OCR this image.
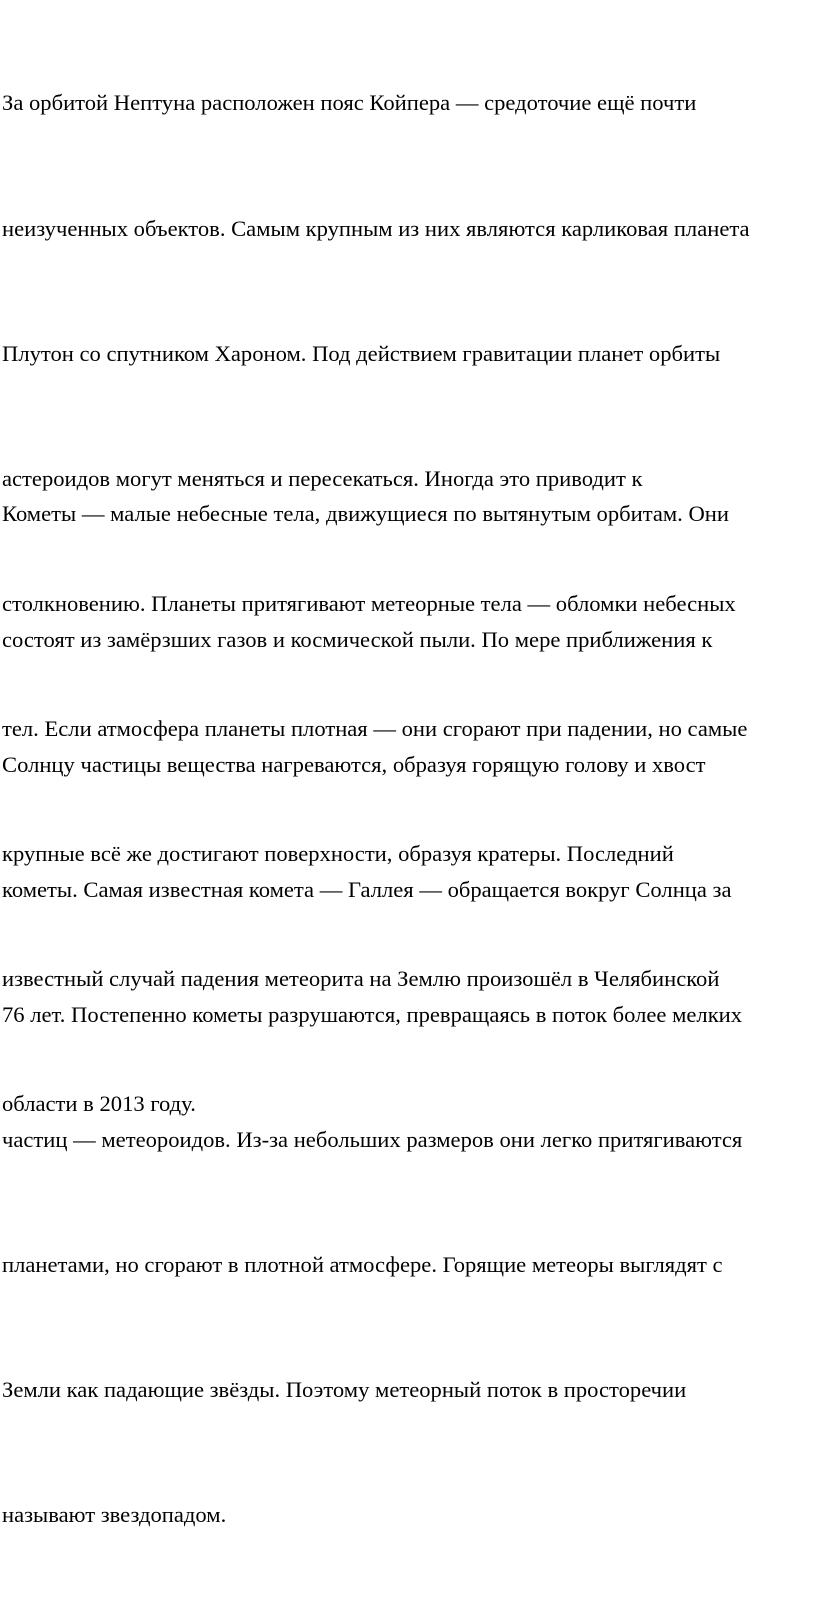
За орбитой Нептуна расположен пояс Койпера — средоточие ещё почти

неизученных объектов. Самым крупным из них являются карликовая планета

Плутон со спутником Хароном. Под действием гравитации планет орбиты

астероидов могут меняться и пересекаться. Иногда это приводит к

столкновению. Планеты притягивают метеорные тела — обломки небесных

тел. Если атмосфера планеты плотная — они сгорают при падении, но самые

крупные всё же достигают поверхности, образуя кратеры. Последний

известный случай падения метеорита на Землю произошёл в Челябинской

области в 2013 году.

Кометы — малые небесные тела, движущиеся по вытянутым орбитам. Они

состоят из замёрзших газов и космической пыли. По мере приближения к

Солнцу частицы вещества нагреваются, образуя горящую голову и хвост

кометы. Самая известная комета — Галлея — обращается вокруг Солнца за

76 лет. Постепенно кометы разрушаются, превращаясь в поток более мелких

частиц — метеороидов. Из-за небольших размеров они легко притягиваются

планетами, но сгорают в плотной атмосфере. Горящие метеоры выглядят с

Земли как падающие звёзды. Поэтому метеорный поток в просторечии

называют звездопадом.
